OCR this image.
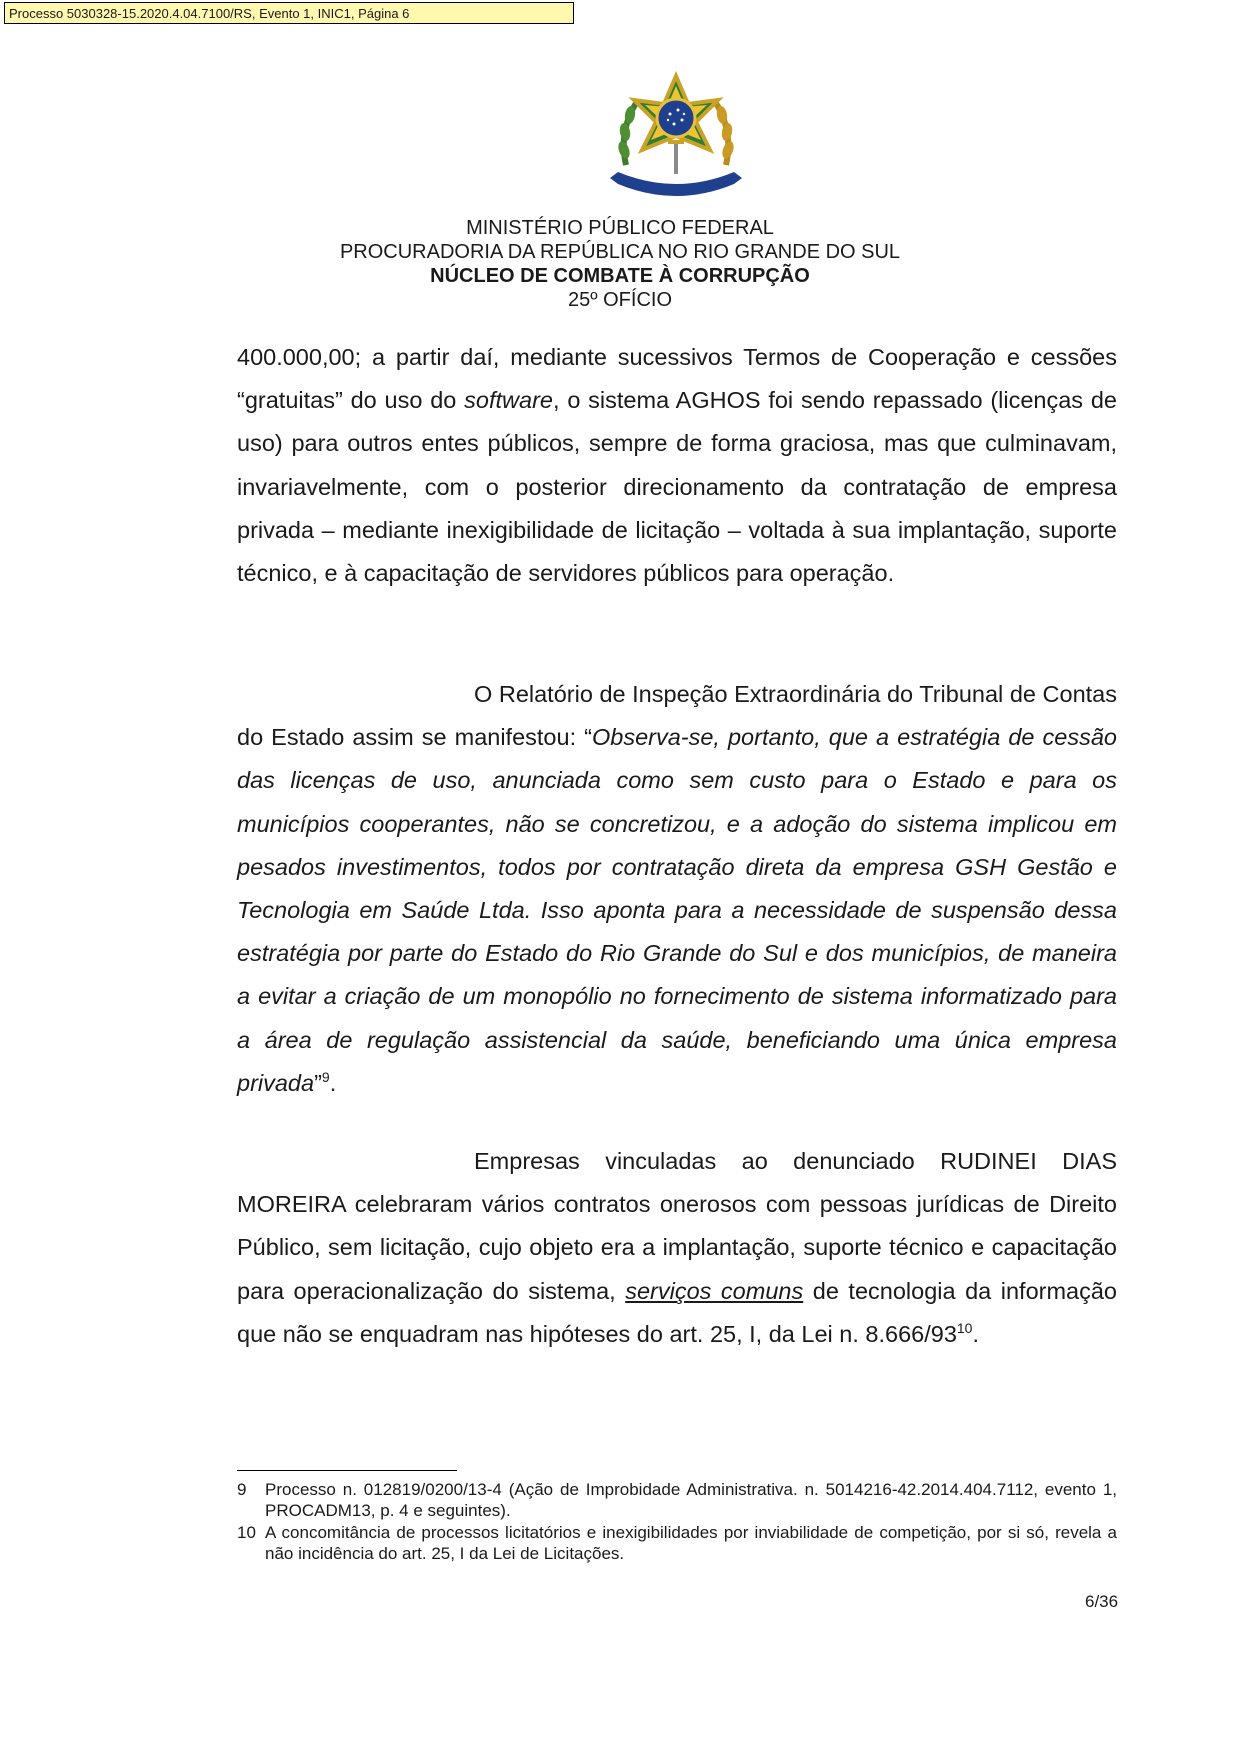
Processo 5030328-15.2020.4.04.7100/RS, Evento 1, INIC1, Página 6
MINISTÉRIO PÚBLICO FEDERAL
PROCURADORIA DA REPÚBLICA NO RIO GRANDE DO SUL
NÚCLEO DE COMBATE À CORRUPÇÃO
25º OFÍCIO

400.000,00; a partir daí, mediante sucessivos Termos de Cooperação e cessões “gratuitas” do uso do software, o sistema AGHOS foi sendo repassado (licenças de uso) para outros entes públicos, sempre de forma graciosa, mas que culminavam, invariavelmente, com o posterior direcionamento da contratação de empresa privada – mediante inexigibilidade de licitação – voltada à sua implantação, suporte técnico, e à capacitação de servidores públicos para operação.

O Relatório de Inspeção Extraordinária do Tribunal de Contas do Estado assim se manifestou: “Observa-se, portanto, que a estratégia de cessão das licenças de uso, anunciada como sem custo para o Estado e para os municípios cooperantes, não se concretizou, e a adoção do sistema implicou em pesados investimentos, todos por contratação direta da empresa GSH Gestão e Tecnologia em Saúde Ltda. Isso aponta para a necessidade de suspensão dessa estratégia por parte do Estado do Rio Grande do Sul e dos municípios, de maneira a evitar a criação de um monopólio no fornecimento de sistema informatizado para a área de regulação assistencial da saúde, beneficiando uma única empresa privada”$^9$.

Empresas vinculadas ao denunciado RUDINEI DIAS MOREIRA celebraram vários contratos onerosos com pessoas jurídicas de Direito Público, sem licitação, cujo objeto era a implantação, suporte técnico e capacitação para operacionalização do sistema, serviços comuns de tecnologia da informação que não se enquadram nas hipóteses do art. 25, I, da Lei n. $8.666/93^{10}$.

9	Processo n. 012819/0200/13-4 (Ação de Improbidade Administrativa. n. 5014216-42.2014.404.7112, evento 1, PROCADM13, p. 4 e seguintes).
10 A concomitância de processos licitatórios e inexigibilidades por inviabilidade de competição, por si só, revela a não incidência do art. 25, I da Lei de Licitações.
6/36
